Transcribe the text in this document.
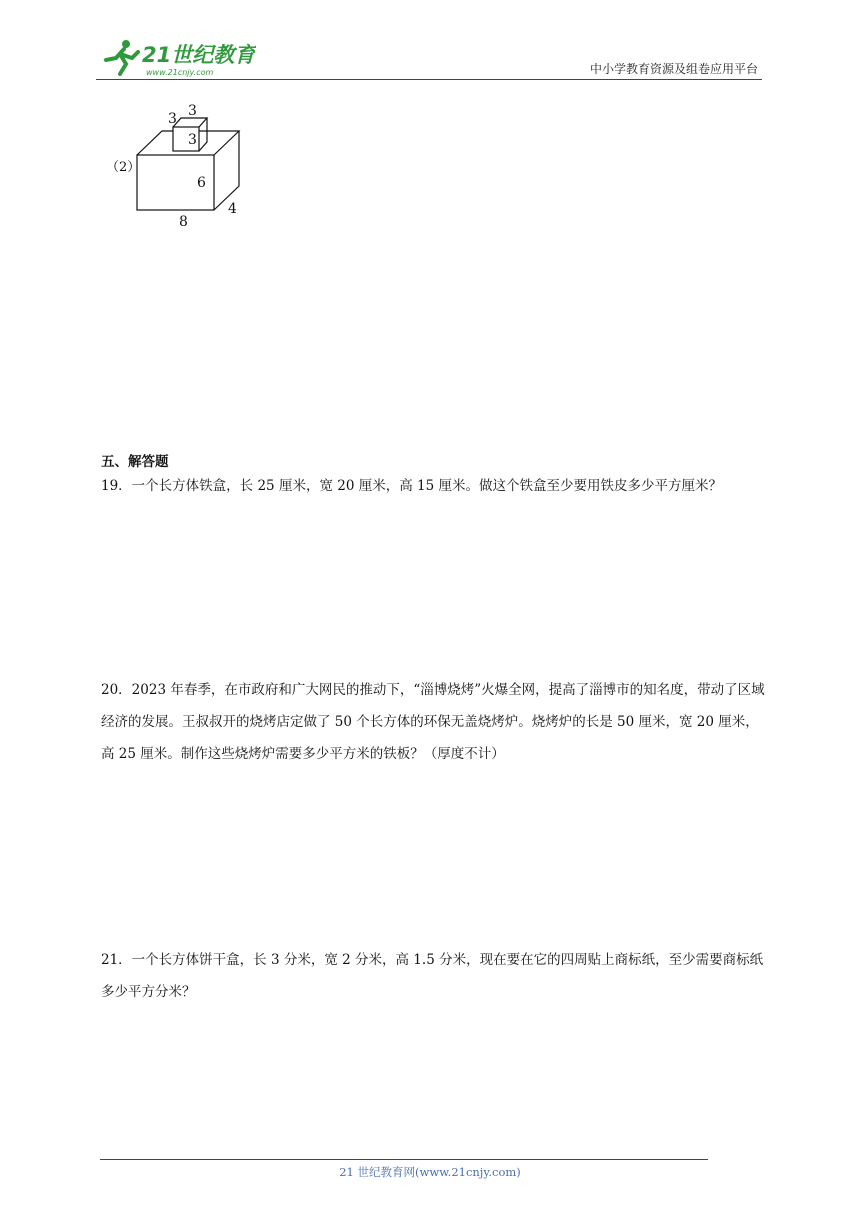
21世纪教育
www.21cnjy.com	中小学教育资源及组卷应用平台
（2）
3
3
3
6
4
8
五、解答题
19．一个长方体铁盒，长 25 厘米，宽 20 厘米，高 15 厘米。做这个铁盒至少要用铁皮多少平方厘米？
20．2023 年春季，在市政府和广大网民的推动下，“淄博烧烤”火爆全网，提高了淄博市的知名度，带动了区域经济的发展。王叔叔开的烧烤店定做了 50 个长方体的环保无盖烧烤炉。烧烤炉的长是 50 厘米，宽 20 厘米，高 25 厘米。制作这些烧烤炉需要多少平方米的铁板？（厚度不计）
21．一个长方体饼干盒，长 3 分米，宽 2 分米，高 1.5 分米，现在要在它的四周贴上商标纸，至少需要商标纸多少平方分米？
21 世纪教育网(www.21cnjy.com)
